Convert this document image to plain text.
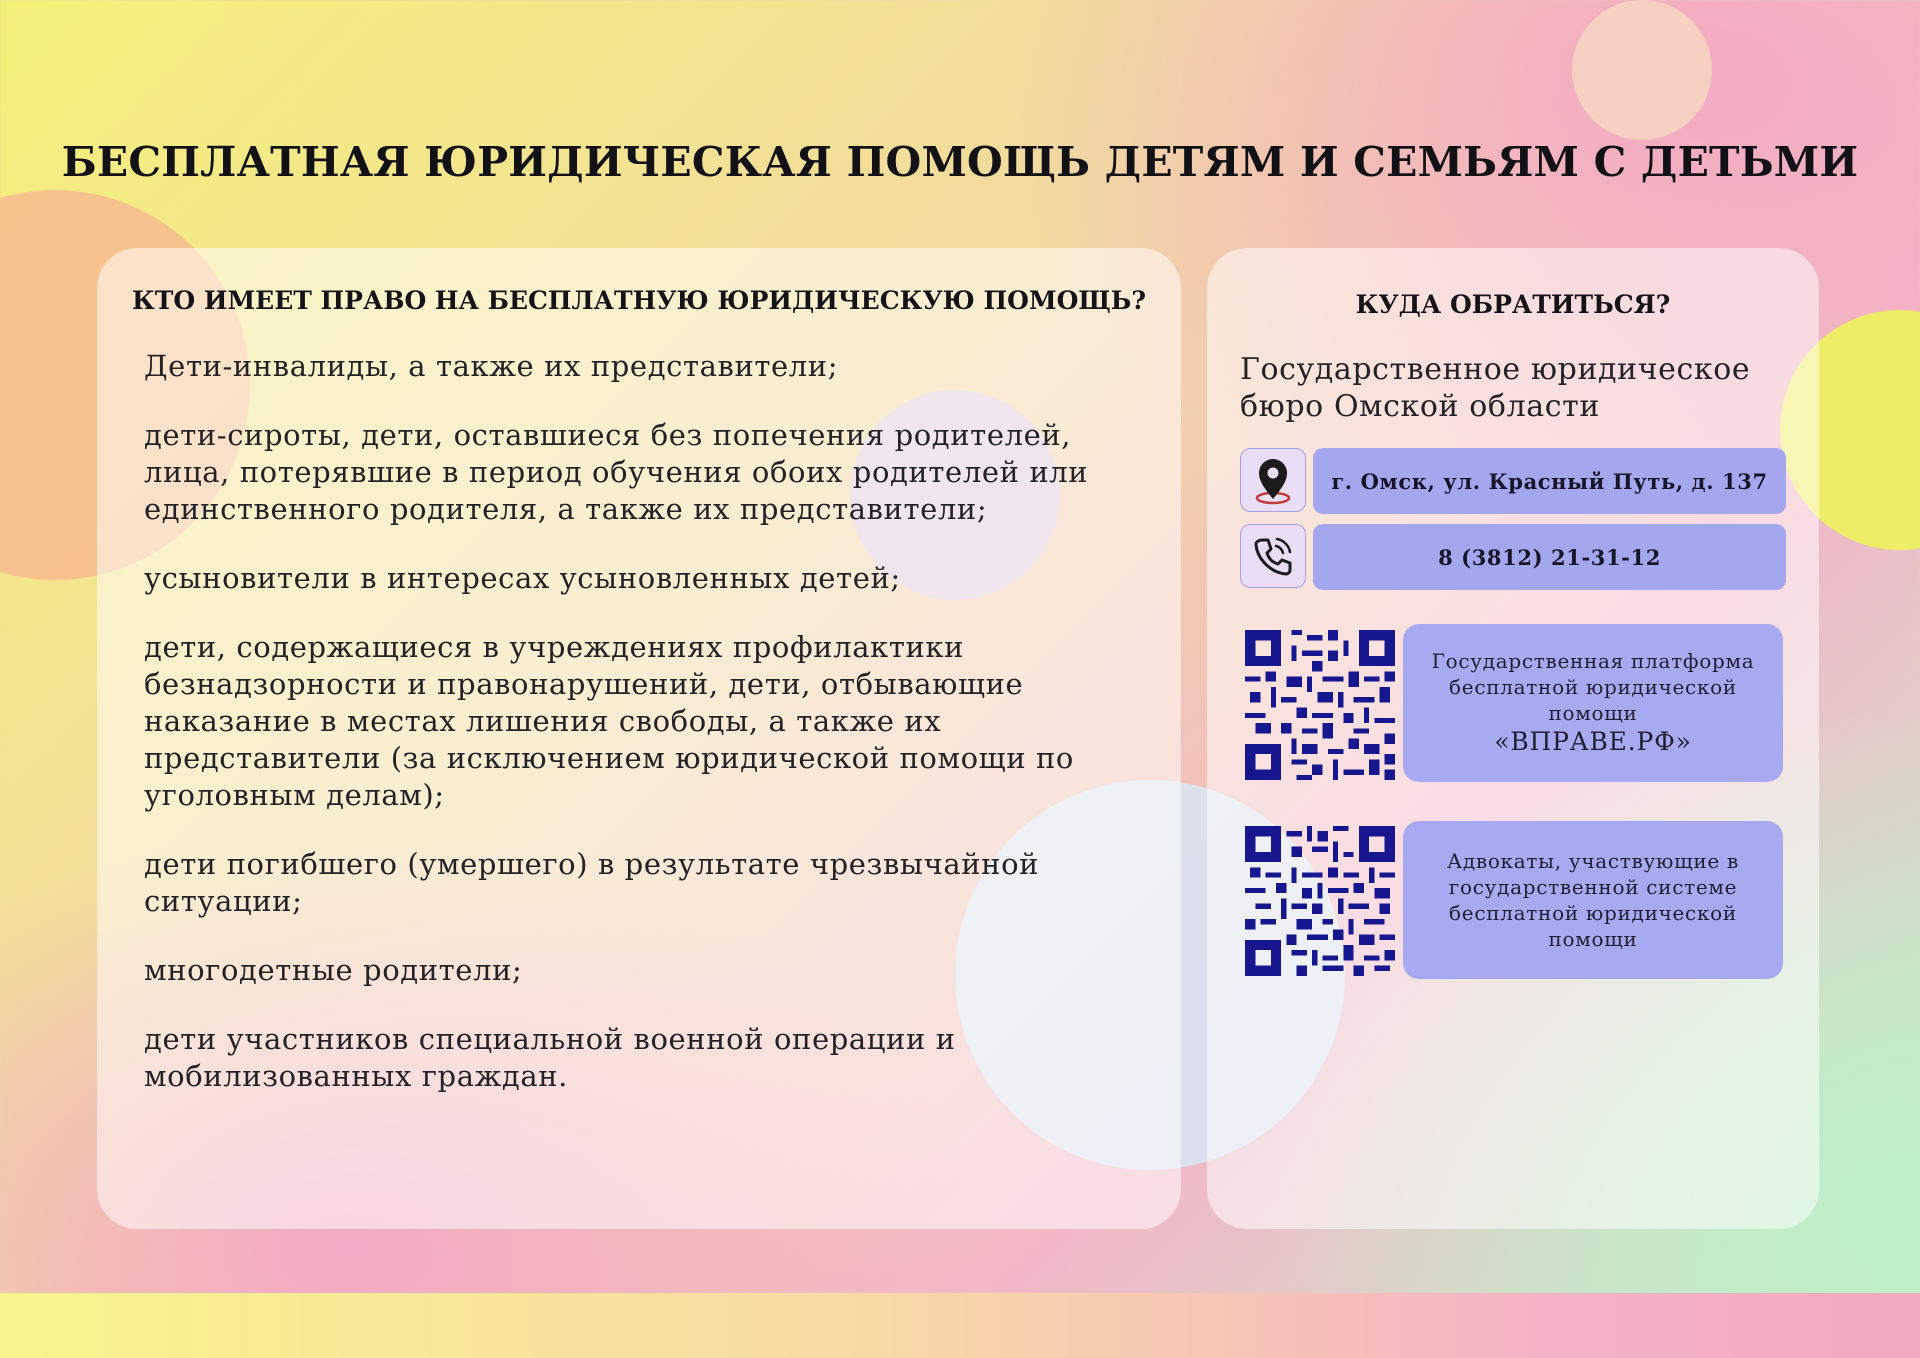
БЕСПЛАТНАЯ ЮРИДИЧЕСКАЯ ПОМОЩЬ ДЕТЯМ И СЕМЬЯМ С ДЕТЬМИ
КТО ИМЕЕТ ПРАВО НА БЕСПЛАТНУЮ ЮРИДИЧЕСКУЮ ПОМОЩЬ?
Дети-инвалиды, а также их представители;
дети-сироты, дети, оставшиеся без попечения родителей, лица, потерявшие в период обучения обоих родителей или единственного родителя, а также их представители;
усыновители в интересах усыновленных детей;
дети, содержащиеся в учреждениях профилактики безнадзорности и правонарушений, дети, отбывающие наказание в местах лишения свободы, а также их представители (за исключением юридической помощи по уголовным делам);
дети погибшего (умершего) в результате чрезвычайной ситуации;
многодетные родители;
дети участников специальной военной операции и мобилизованных граждан.
КУДА ОБРАТИТЬСЯ?
Государственное юридическое бюро Омской области
г. Омск, ул. Красный Путь, д. 137
8 (3812) 21-31-12
Государственная платформа бесплатной юридической помощи
«ВПРАВЕ.РФ»
Адвокаты, участвующие в государственной системе бесплатной юридической помощи
